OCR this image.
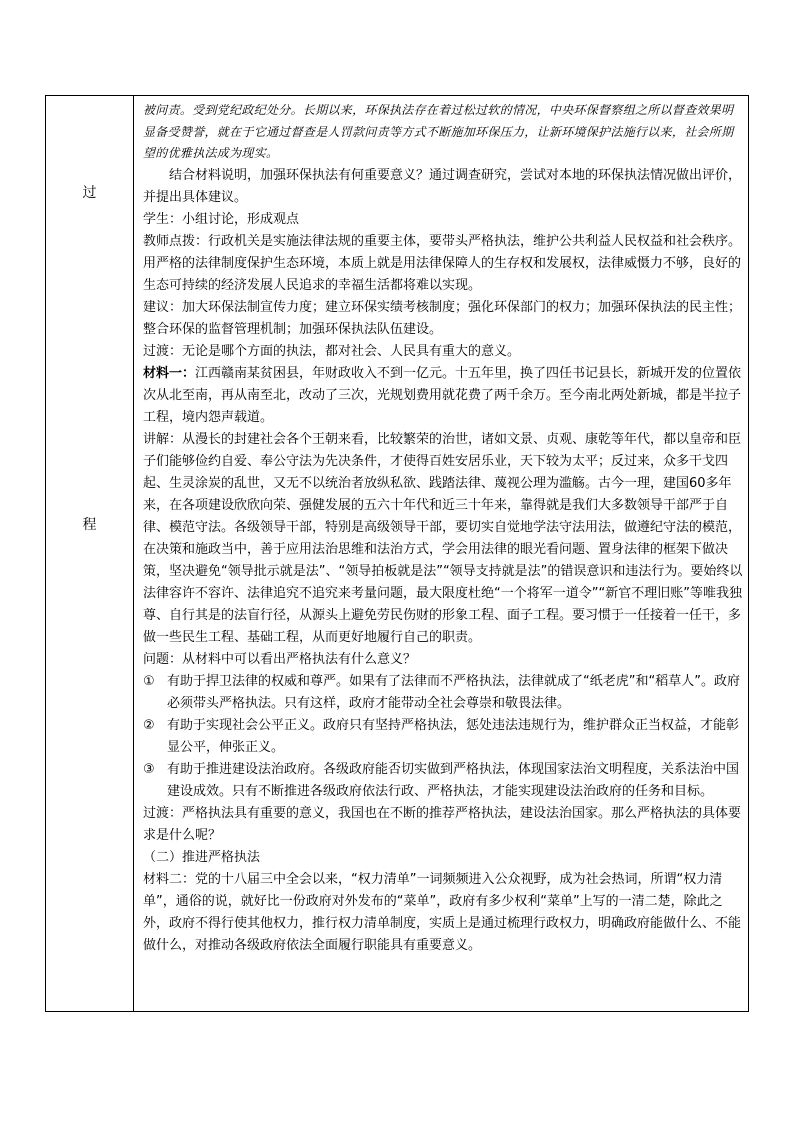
过
程

被问责。受到党纪政纪处分。长期以来，环保执法存在着过松过软的情况，中央环保督察组之所以督查效果明显备受赞誉，就在于它通过督查是人罚款问责等方式不断施加环保压力，让新环境保护法施行以来，社会所期望的优雅执法成为现实。

结合材料说明，加强环保执法有何重要意义？通过调查研究，尝试对本地的环保执法情况做出评价，并提出具体建议。

学生：小组讨论，形成观点

教师点拨：行政机关是实施法律法规的重要主体，要带头严格执法，维护公共利益人民权益和社会秩序。用严格的法律制度保护生态环境，本质上就是用法律保障人的生存权和发展权，法律威慑力不够，良好的生态可持续的经济发展人民追求的幸福生活都将难以实现。

建议：加大环保法制宣传力度；建立环保实绩考核制度；强化环保部门的权力；加强环保执法的民主性；整合环保的监督管理机制；加强环保执法队伍建设。

过渡：无论是哪个方面的执法，都对社会、人民具有重大的意义。

材料一：江西赣南某贫困县，年财政收入不到一亿元。十五年里，换了四任书记县长，新城开发的位置依次从北至南，再从南至北，改动了三次，光规划费用就花费了两千余万。至今南北两处新城，都是半拉子工程，境内怨声载道。

讲解：从漫长的封建社会各个王朝来看，比较繁荣的治世，诸如文景、贞观、康乾等年代，都以皇帝和臣子们能够俭约自爱、奉公守法为先决条件，才使得百姓安居乐业，天下较为太平；反过来，众多干戈四起、生灵涂炭的乱世，又无不以统治者放纵私欲、践踏法律、蔑视公理为滥觞。古今一理，建国60多年来，在各项建设欣欣向荣、强健发展的五六十年代和近三十年来，靠得就是我们大多数领导干部严于自律、模范守法。各级领导干部，特别是高级领导干部，要切实自觉地学法守法用法，做遵纪守法的模范，在决策和施政当中，善于应用法治思维和法治方式，学会用法律的眼光看问题、置身法律的框架下做决策，坚决避免“领导批示就是法”、“领导拍板就是法”“领导支持就是法”的错误意识和违法行为。要始终以法律容许不容许、法律追究不追究来考量问题，最大限度杜绝“一个将军一道令”“新官不理旧账”等唯我独尊、自行其是的法盲行径，从源头上避免劳民伤财的形象工程、面子工程。要习惯于一任接着一任干，多做一些民生工程、基础工程，从而更好地履行自己的职责。

问题：从材料中可以看出严格执法有什么意义？

① 有助于捍卫法律的权威和尊严。如果有了法律而不严格执法，法律就成了“纸老虎”和“稻草人”。政府必须带头严格执法。只有这样，政府才能带动全社会尊崇和敬畏法律。
② 有助于实现社会公平正义。政府只有坚持严格执法，惩处违法违规行为，维护群众正当权益，才能彰显公平，伸张正义。
③ 有助于推进建设法治政府。各级政府能否切实做到严格执法，体现国家法治文明程度，关系法治中国建设成效。只有不断推进各级政府依法行政、严格执法，才能实现建设法治政府的任务和目标。

过渡：严格执法具有重要的意义，我国也在不断的推荐严格执法，建设法治国家。那么严格执法的具体要求是什么呢？

（二）推进严格执法

材料二：党的十八届三中全会以来，“权力清单”一词频频进入公众视野，成为社会热词，所谓“权力清单”，通俗的说，就好比一份政府对外发布的“菜单”，政府有多少权利“菜单”上写的一清二楚，除此之外，政府不得行使其他权力，推行权力清单制度，实质上是通过梳理行政权力，明确政府能做什么、不能做什么，对推动各级政府依法全面履行职能具有重要意义。
